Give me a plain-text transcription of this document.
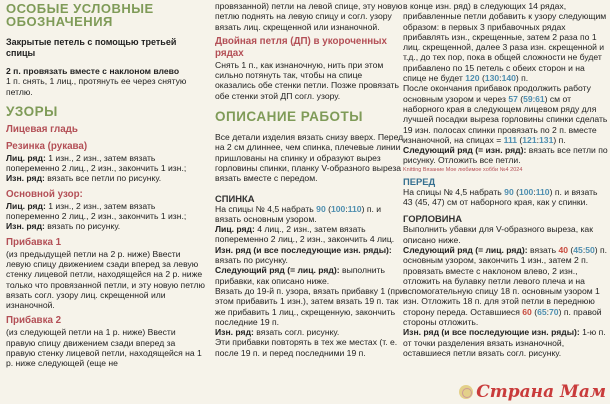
ОСОБЫЕ УСЛОВНЫЕ ОБОЗНАЧЕНИЯ
Закрытые петель с помощью третьей спицы
2 п. провязать вместе с наклоном влево
1 п. снять, 1 лиц., протянуть ее через снятую петлю.
УЗОРЫ
Лицевая гладь
Резинка (рукава)
Лиц. ряд: 1 изн., 2 изн., затем вязать попеременно 2 лиц., 2 изн., закончить 1 изн.;
Изн. ряд: вязать все петли по рисунку.
Основной узор:
Лиц. ряд: 1 изн., 2 изн., затем вязать попеременно 2 лиц., 2 изн., закончить 1 изн.;
Изн. ряд: вязать по рисунку.
Прибавка 1
(из предыдущей петли на 2 р. ниже) Ввести левую спицу движением сзади вперед за левую стенку лицевой петли, находящейся на 2 р. ниже только что провязанной петли, и эту новую петлю вязать согл. узору лиц. скрещенной или изнаночной.
Прибавка 2
(из следующей петли на 1 р. ниже) Ввести правую спицу движением сзади вперед за правую стенку лицевой петли, находящейся на 1 р. ниже следующей (еще не
провязанной) петли на левой спице, эту новую петлю поднять на левую спицу и согл. узору вязать лиц. скрещенной или изнаночной.
Двойная петля (ДП) в укороченных рядах
Снять 1 п., как изнаночную, нить при этом сильно потянуть так, чтобы на спице оказались обе стенки петли. Позже провязать обе стенки этой ДП согл. узору.
ОПИСАНИЕ РАБОТЫ
Все детали изделия вязать снизу вверх. Перед на 2 см длиннее, чем спинка, плечевые линии пришлованы на спинку и образуют вырез горловины спинки, планку V-образного выреза вязать вместе с передом.
СПИНКА
На спицы № 4,5 набрать 90 (100:110) п. и вязать основным узором.
Лиц. ряд: 4 лиц., 2 изн., затем вязать попеременно 2 лиц., 2 изн., закончить 4 лиц.
Изн. ряд (и все последующие изн. ряды): вязать по рисунку.
Следующий ряд (= лиц. ряд): выполнить прибавки, как описано ниже.
Вязать до 19-й п. узора, вязать прибавку 1 (при этом прибавить 1 изн.), затем вязать 19 п. так же прибавить 1 лиц., скрещенную, закончить последние 19 п.
Изн. ряд: вязать согл. рисунку.
Эти прибавки повторять в тех же местах (т. е. после 19 п. и перед последними 19 п.
в конце изн. ряд) в следующих 14 рядах, прибавленные петли добавить к узору следующим образом: в первых 3 прибавочных рядах прибавлять изн., скрещенные, затем 2 раза по 1 лиц. скрещенной, далее 3 раза изн. скрещенной и т.д., до тех пор, пока в общей сложности не будет прибавлено по 15 петель с обеих сторон и на спице не будет 120 (130:140) п.
После окончания прибавок продолжить работу основным узором и через 57 (59:61) см от наборного края в следующем лицевом ряду для лучшей посадки выреза горловины спинки сделать 19 изн. полосах спинки провязать по 2 п. вместе изнаночной, на спицах = 111 (121:131) п.
Следующий ряд (= изн. ряд): вязать все петли по рисунку. Отложить все петли.
Knitting Вязание Мое любимое хобби №4 2024
ПЕРЕД
На спицы № 4,5 набрать 90 (100:110) п. и вязать 43 (45, 47) см от наборного края, как у спинки.
ГОРЛОВИНА
Выполнить убавки для V-образного выреза, как описано ниже.
Следующий ряд (= лиц. ряд): вязать 40 (45:50) п. основным узором, закончить 1 изн., затем 2 п. провязать вместе с наклоном влево, 2 изн., отложить на булавку петли левого плеча и на вспомогательную спицу 18 п. основным узором 1 изн. Отложить 18 п. для этой петли в переднюю сторону переда. Оставшиеся 60 (65:70) п. правой стороны отложить.
Изн. ряд (и все последующие изн. ряды): 1-ю п. от точки разделения вязать изнаночной, оставшиеся петли вязать согл. рисунку.
Страна Мам
